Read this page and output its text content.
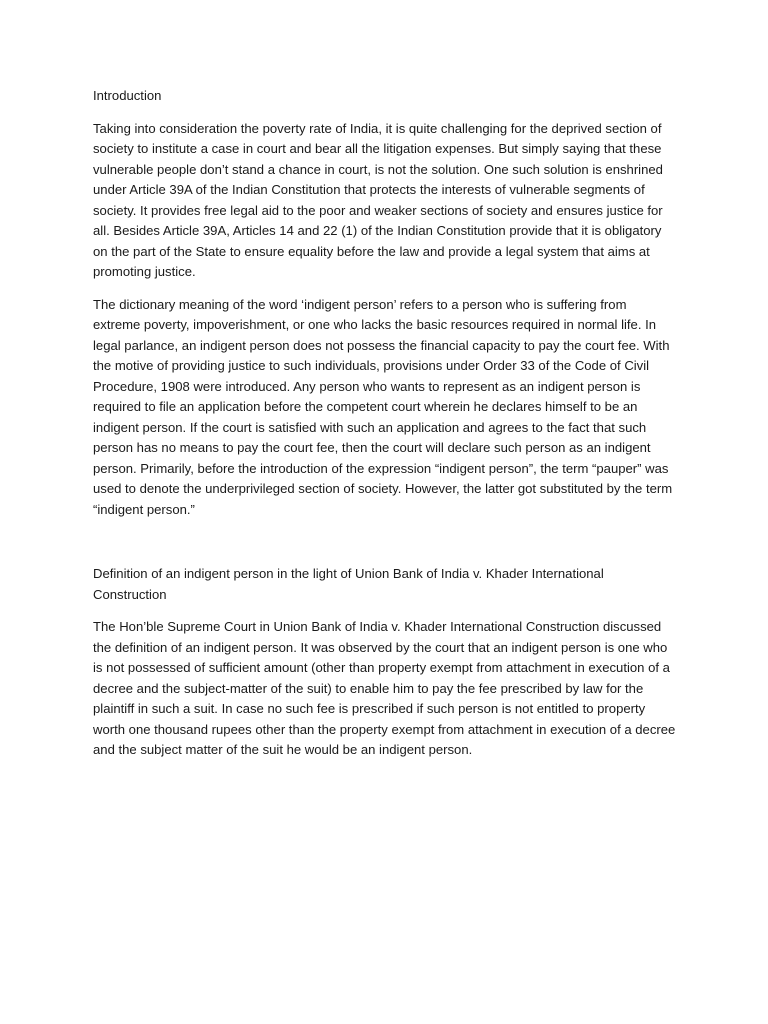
Introduction

Taking into consideration the poverty rate of India, it is quite challenging for the deprived section of society to institute a case in court and bear all the litigation expenses. But simply saying that these vulnerable people don’t stand a chance in court, is not the solution. One such solution is enshrined under Article 39A of the Indian Constitution that protects the interests of vulnerable segments of society. It provides free legal aid to the poor and weaker sections of society and ensures justice for all. Besides Article 39A, Articles 14 and 22 (1) of the Indian Constitution provide that it is obligatory on the part of the State to ensure equality before the law and provide a legal system that aims at promoting justice.

The dictionary meaning of the word ‘indigent person’ refers to a person who is suffering from extreme poverty, impoverishment, or one who lacks the basic resources required in normal life. In legal parlance, an indigent person does not possess the financial capacity to pay the court fee. With the motive of providing justice to such individuals, provisions under Order 33 of the Code of Civil Procedure, 1908 were introduced. Any person who wants to represent as an indigent person is required to file an application before the competent court wherein he declares himself to be an indigent person. If the court is satisfied with such an application and agrees to the fact that such person has no means to pay the court fee, then the court will declare such person as an indigent person. Primarily, before the introduction of the expression “indigent person”, the term “pauper” was used to denote the underprivileged section of society. However, the latter got substituted by the term “indigent person.”

Definition of an indigent person in the light of Union Bank of India v. Khader International Construction

The Hon’ble Supreme Court in Union Bank of India v. Khader International Construction discussed the definition of an indigent person. It was observed by the court that an indigent person is one who is not possessed of sufficient amount (other than property exempt from attachment in execution of a decree and the subject-matter of the suit) to enable him to pay the fee prescribed by law for the plaintiff in such a suit. In case no such fee is prescribed if such person is not entitled to property worth one thousand rupees other than the property exempt from attachment in execution of a decree and the subject matter of the suit he would be an indigent person.
